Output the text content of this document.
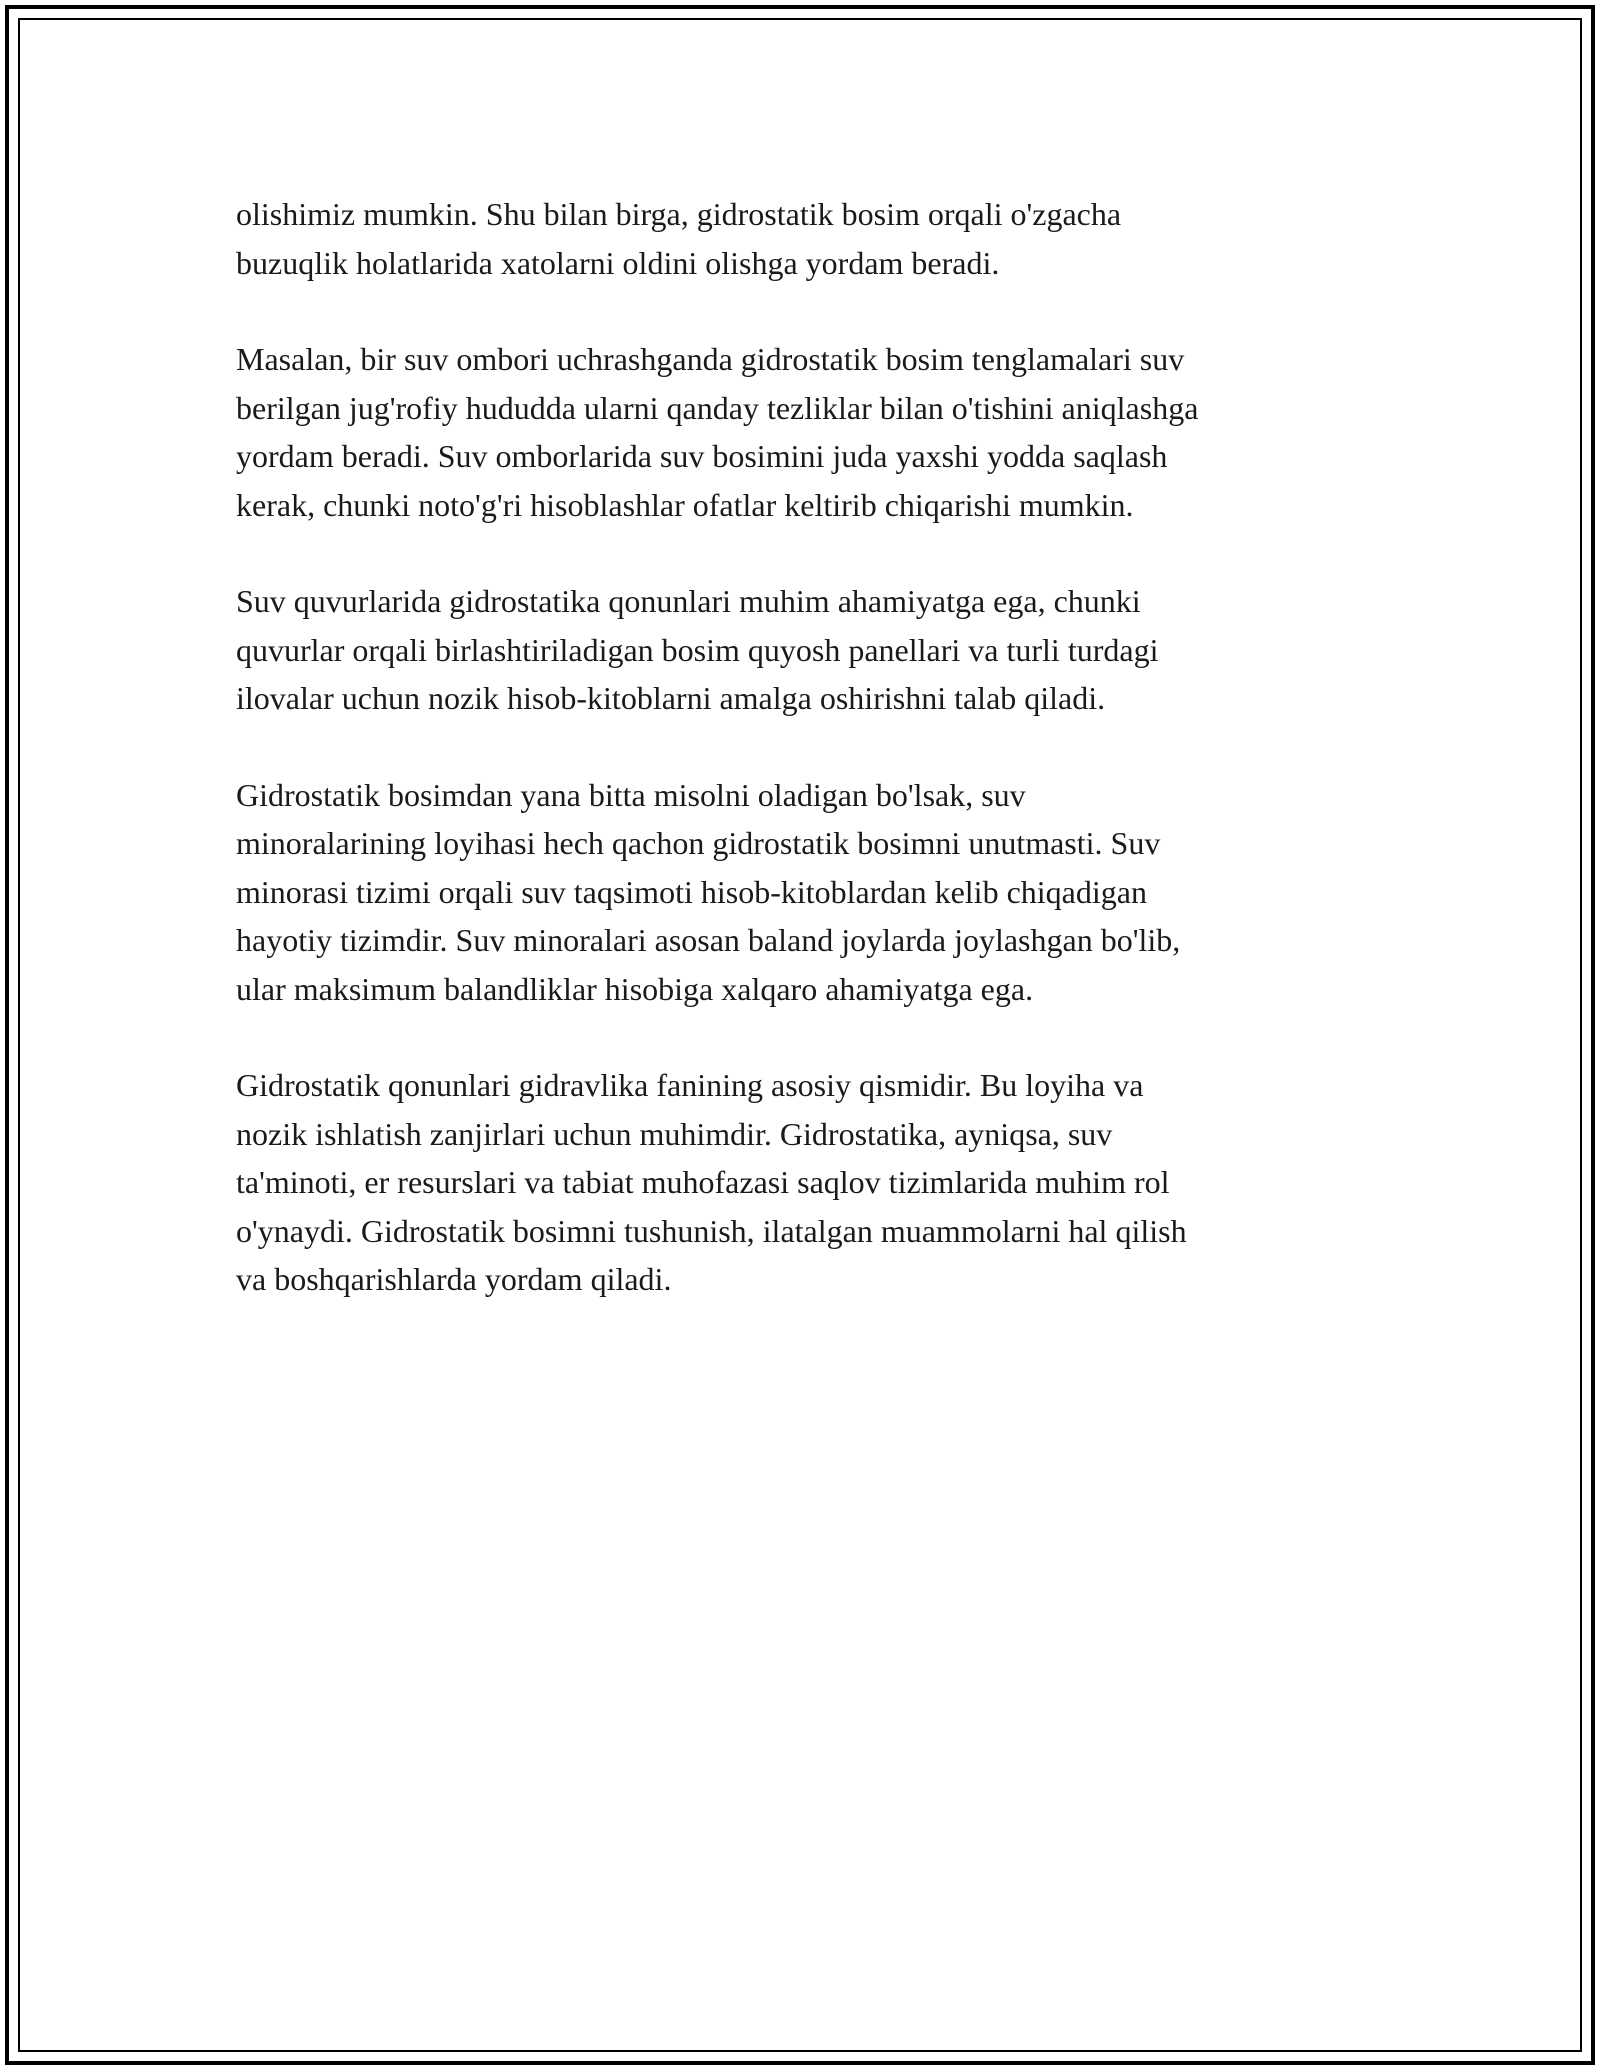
olishimiz mumkin. Shu bilan birga, gidrostatik bosim orqali o'zgacha
buzuqlik holatlarida xatolarni oldini olishga yordam beradi.

Masalan, bir suv ombori uchrashganda gidrostatik bosim tenglamalari suv
berilgan jug'rofiy hududda ularni qanday tezliklar bilan o'tishini aniqlashga
yordam beradi. Suv omborlarida suv bosimini juda yaxshi yodda saqlash
kerak, chunki noto'g'ri hisoblashlar ofatlar keltirib chiqarishi mumkin.

Suv quvurlarida gidrostatika qonunlari muhim ahamiyatga ega, chunki
quvurlar orqali birlashtiriladigan bosim quyosh panellari va turli turdagi
ilovalar uchun nozik hisob-kitoblarni amalga oshirishni talab qiladi.

Gidrostatik bosimdan yana bitta misolni oladigan bo'lsak, suv
minoralarining loyihasi hech qachon gidrostatik bosimni unutmasti. Suv
minorasi tizimi orqali suv taqsimoti hisob-kitoblardan kelib chiqadigan
hayotiy tizimdir. Suv minoralari asosan baland joylarda joylashgan bo'lib,
ular maksimum balandliklar hisobiga xalqaro ahamiyatga ega.

Gidrostatik qonunlari gidravlika fanining asosiy qismidir. Bu loyiha va
nozik ishlatish zanjirlari uchun muhimdir. Gidrostatika, ayniqsa, suv
ta'minoti, er resurslari va tabiat muhofazasi saqlov tizimlarida muhim rol
o'ynaydi. Gidrostatik bosimni tushunish, ilatalgan muammolarni hal qilish
va boshqarishlarda yordam qiladi.
